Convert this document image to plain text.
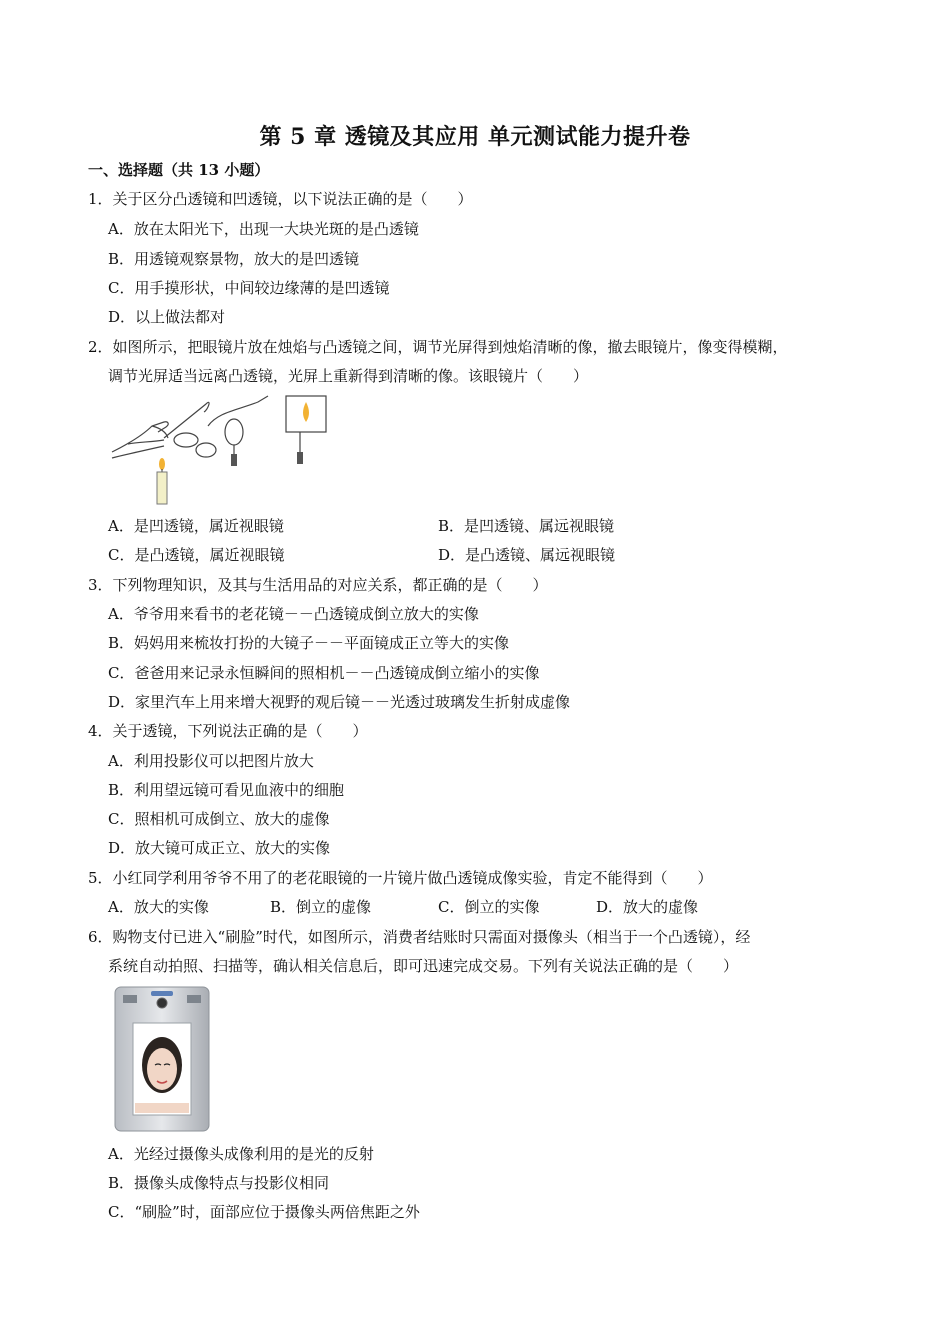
第 5 章 透镜及其应用 单元测试能力提升卷
一、选择题（共 13 小题）
1．关于区分凸透镜和凹透镜，以下说法正确的是（　　）
A．放在太阳光下，出现一大块光斑的是凸透镜
B．用透镜观察景物，放大的是凹透镜
C．用手摸形状，中间较边缘薄的是凹透镜
D．以上做法都对
2．如图所示，把眼镜片放在烛焰与凸透镜之间，调节光屏得到烛焰清晰的像，撤去眼镜片，像变得模糊，
调节光屏适当远离凸透镜，光屏上重新得到清晰的像。该眼镜片（　　）
A．是凹透镜，属近视眼镜	B．是凹透镜、属远视眼镜
C．是凸透镜，属近视眼镜	D．是凸透镜、属远视眼镜
3．下列物理知识，及其与生活用品的对应关系，都正确的是（　　）
A．爷爷用来看书的老花镜－－凸透镜成倒立放大的实像
B．妈妈用来梳妆打扮的大镜子－－平面镜成正立等大的实像
C．爸爸用来记录永恒瞬间的照相机－－凸透镜成倒立缩小的实像
D．家里汽车上用来增大视野的观后镜－－光透过玻璃发生折射成虚像
4．关于透镜，下列说法正确的是（　　）
A．利用投影仪可以把图片放大
B．利用望远镜可看见血液中的细胞
C．照相机可成倒立、放大的虚像
D．放大镜可成正立、放大的实像
5．小红同学利用爷爷不用了的老花眼镜的一片镜片做凸透镜成像实验，肯定不能得到（　　）
A．放大的实像	B．倒立的虚像	C．倒立的实像	D．放大的虚像
6．购物支付已进入“刷脸”时代，如图所示，消费者结账时只需面对摄像头（相当于一个凸透镜），经
系统自动拍照、扫描等，确认相关信息后，即可迅速完成交易。下列有关说法正确的是（　　）
A．光经过摄像头成像利用的是光的反射
B．摄像头成像特点与投影仪相同
C．“刷脸”时，面部应位于摄像头两倍焦距之外
